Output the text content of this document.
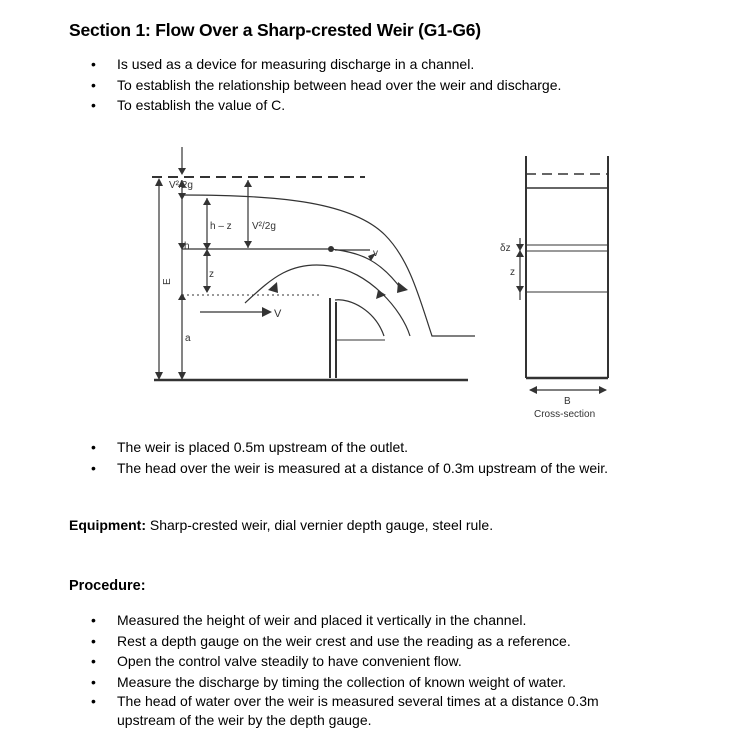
Section 1: Flow Over a Sharp-crested Weir (G1-G6)
• Is used as a device for measuring discharge in a channel.
• To establish the relationship between head over the weir and discharge.
• To establish the value of C.
V²/2g
h – z V²/2g
h
E
z
a
v
V
δz
z
B
Cross-section
• The weir is placed 0.5m upstream of the outlet.
• The head over the weir is measured at a distance of 0.3m upstream of the weir.
Equipment: Sharp-crested weir, dial vernier depth gauge, steel rule.
Procedure:
• Measured the height of weir and placed it vertically in the channel.
• Rest a depth gauge on the weir crest and use the reading as a reference.
• Open the control valve steadily to have convenient flow.
• Measure the discharge by timing the collection of known weight of water.
• The head of water over the weir is measured several times at a distance 0.3m upstream of the weir by the depth gauge.
